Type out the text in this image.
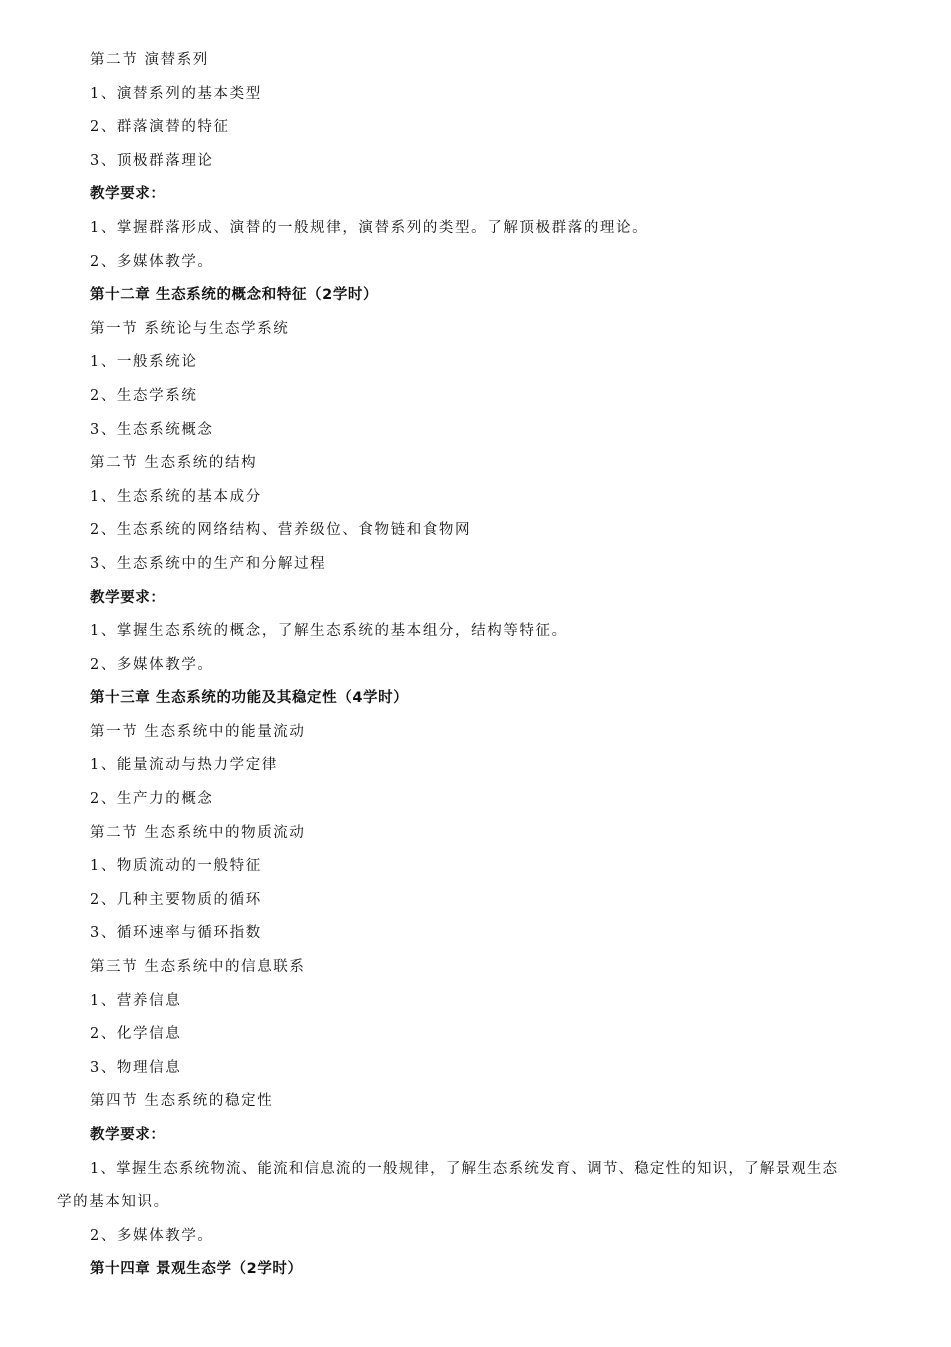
第二节 演替系列
1、演替系列的基本类型
2、群落演替的特征
3、顶极群落理论
教学要求：
1、掌握群落形成、演替的一般规律，演替系列的类型。了解顶极群落的理论。
2、多媒体教学。
第十二章 生态系统的概念和特征（2学时）
第一节 系统论与生态学系统
1、一般系统论
2、生态学系统
3、生态系统概念
第二节 生态系统的结构
1、生态系统的基本成分
2、生态系统的网络结构、营养级位、食物链和食物网
3、生态系统中的生产和分解过程
教学要求：
1、掌握生态系统的概念，了解生态系统的基本组分，结构等特征。
2、多媒体教学。
第十三章 生态系统的功能及其稳定性（4学时）
第一节 生态系统中的能量流动
1、能量流动与热力学定律
2、生产力的概念
第二节 生态系统中的物质流动
1、物质流动的一般特征
2、几种主要物质的循环
3、循环速率与循环指数
第三节 生态系统中的信息联系
1、营养信息
2、化学信息
3、物理信息
第四节 生态系统的稳定性
教学要求：
1、掌握生态系统物流、能流和信息流的一般规律，了解生态系统发育、调节、稳定性的知识，了解景观生态
学的基本知识。
2、多媒体教学。
第十四章 景观生态学（2学时）
